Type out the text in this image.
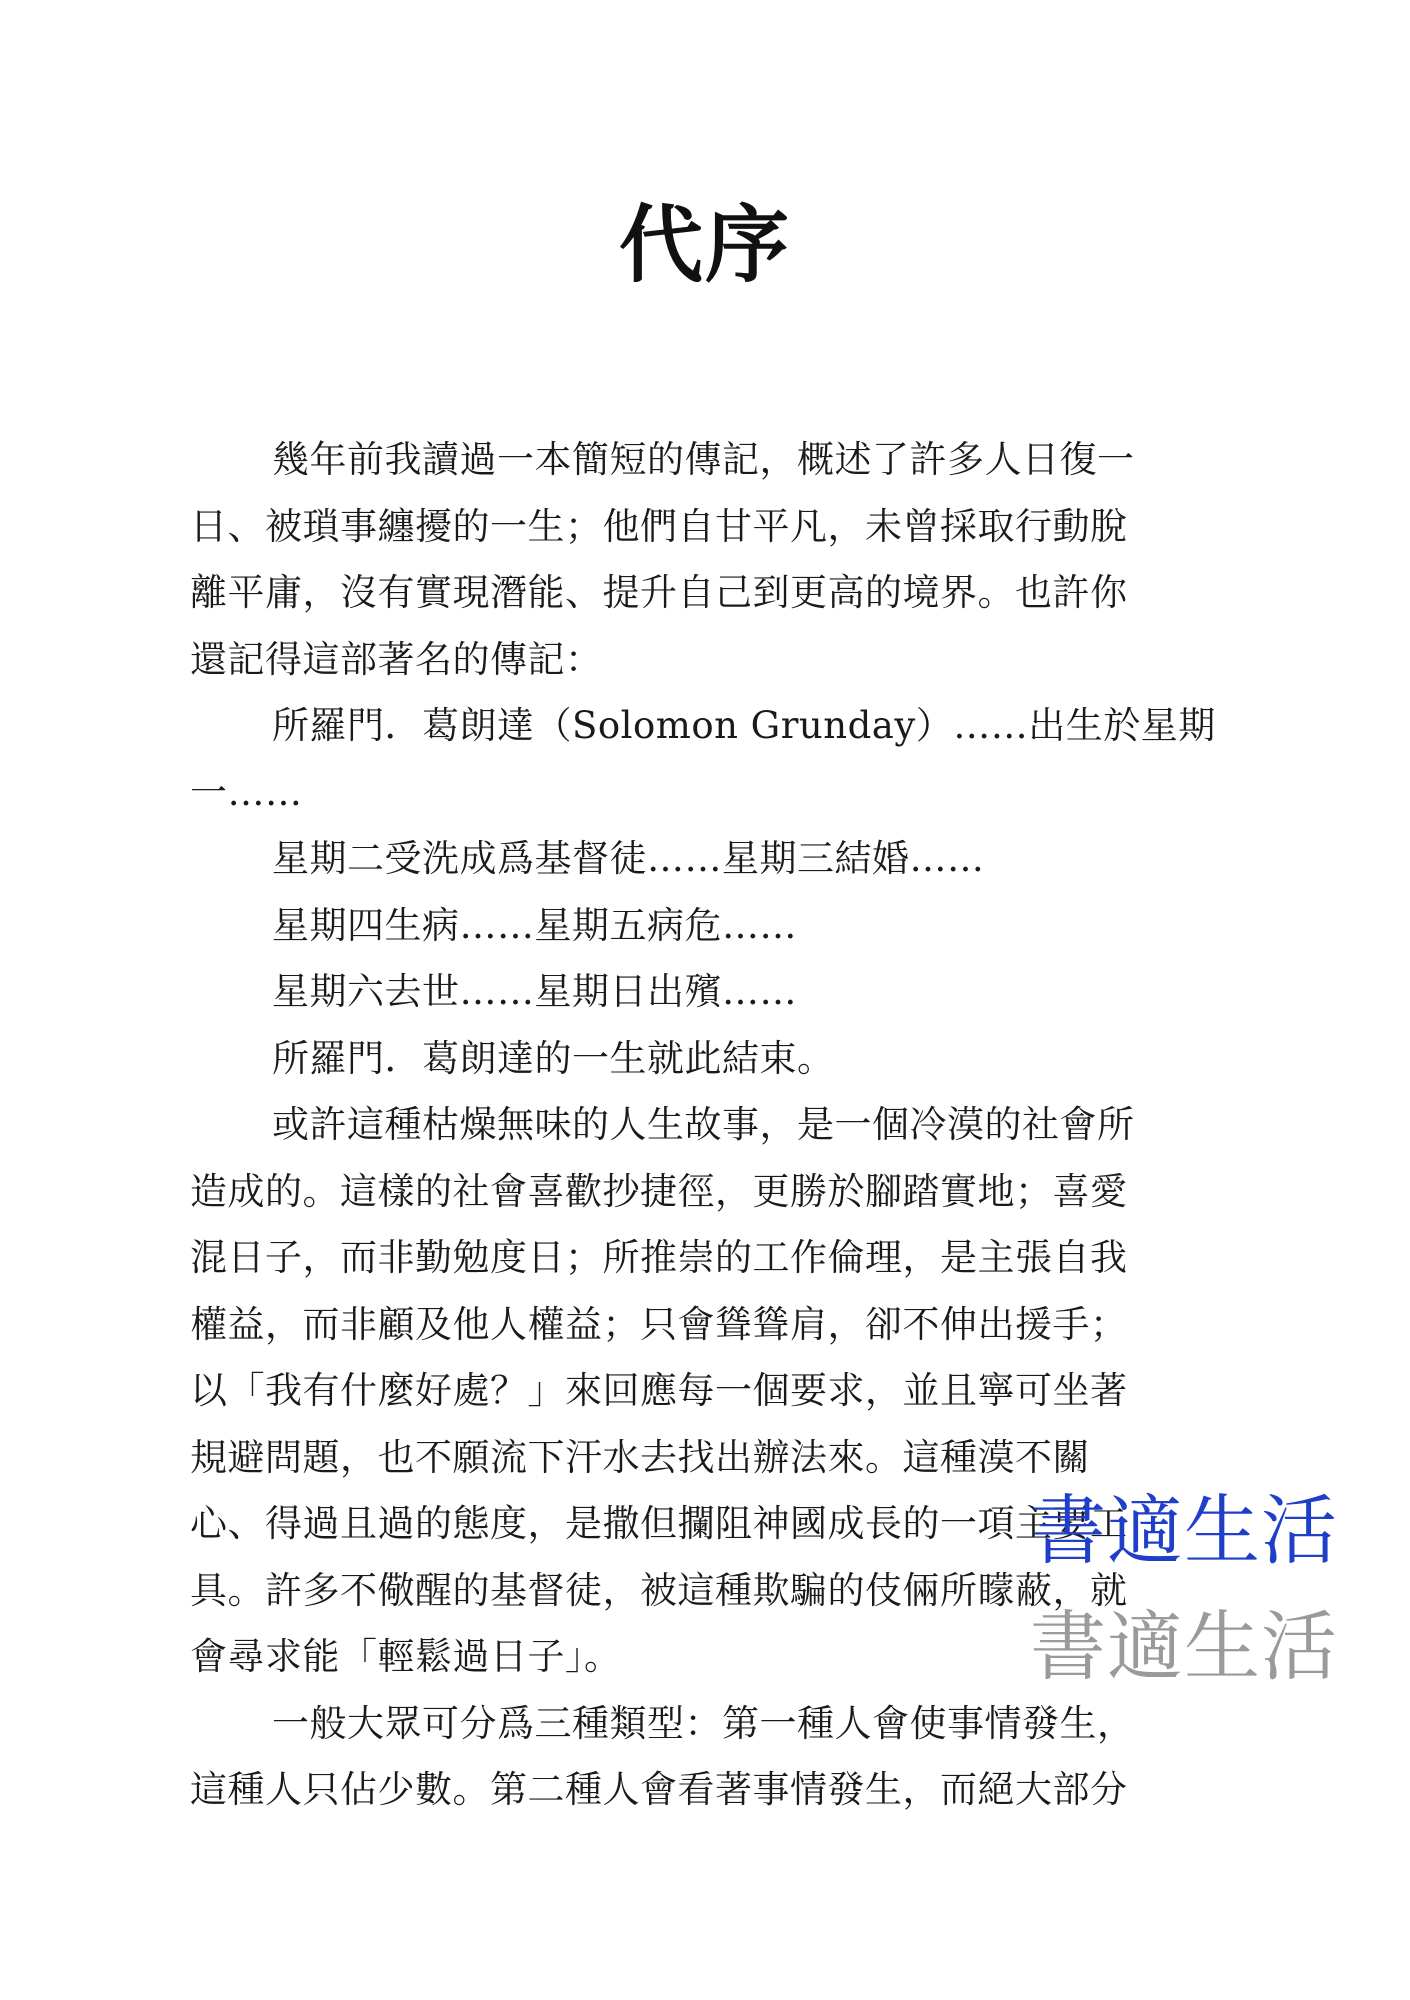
代序
幾年前我讀過一本簡短的傳記，概述了許多人日復一
日、被瑣事纏擾的一生；他們自甘平凡，未曾採取行動脫
離平庸，沒有實現潛能、提升自己到更高的境界。也許你
還記得這部著名的傳記：
所羅門．葛朗達（Solomon Grunday）……出生於星期
一……
星期二受洗成爲基督徒……星期三結婚……
星期四生病……星期五病危……
星期六去世……星期日出殯……
所羅門．葛朗達的一生就此結束。
或許這種枯燥無味的人生故事，是一個冷漠的社會所
造成的。這樣的社會喜歡抄捷徑，更勝於腳踏實地；喜愛
混日子，而非勤勉度日；所推崇的工作倫理，是主張自我
權益，而非顧及他人權益；只會聳聳肩，卻不伸出援手；
以「我有什麼好處？」來回應每一個要求，並且寧可坐著
規避問題，也不願流下汗水去找出辦法來。這種漠不關
心、得過且過的態度，是撒但攔阻神國成長的一項主要工
具。許多不儆醒的基督徒，被這種欺騙的伎倆所矇蔽，就
會尋求能「輕鬆過日子」。
一般大眾可分爲三種類型：第一種人會使事情發生，
這種人只佔少數。第二種人會看著事情發生，而絕大部分
書適生活
書適生活
